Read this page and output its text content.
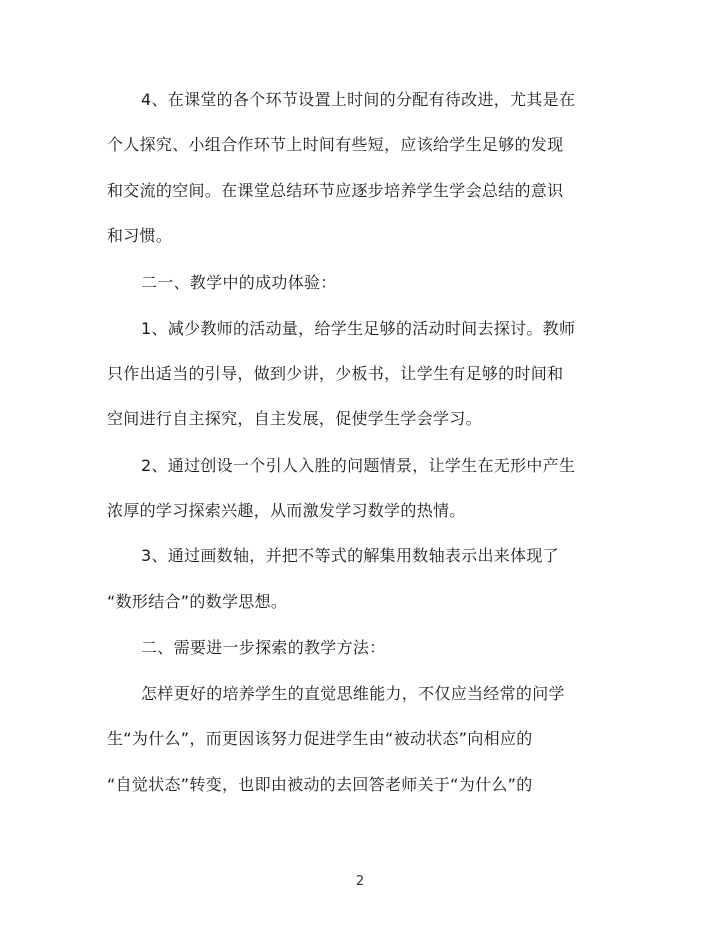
4、在课堂的各个环节设置上时间的分配有待改进，尤其是在
个人探究、小组合作环节上时间有些短，应该给学生足够的发现
和交流的空间。在课堂总结环节应逐步培养学生学会总结的意识
和习惯。
二一、教学中的成功体验：
1、减少教师的活动量，给学生足够的活动时间去探讨。教师
只作出适当的引导，做到少讲，少板书，让学生有足够的时间和
空间进行自主探究，自主发展，促使学生学会学习。
2、通过创设一个引人入胜的问题情景，让学生在无形中产生
浓厚的学习探索兴趣，从而激发学习数学的热情。
3、通过画数轴，并把不等式的解集用数轴表示出来体现了
“数形结合”的数学思想。
二、需要进一步探索的教学方法：
怎样更好的培养学生的直觉思维能力，不仅应当经常的问学
生“为什么”，而更因该努力促进学生由“被动状态”向相应的
“自觉状态”转变，也即由被动的去回答老师关于“为什么”的
2
